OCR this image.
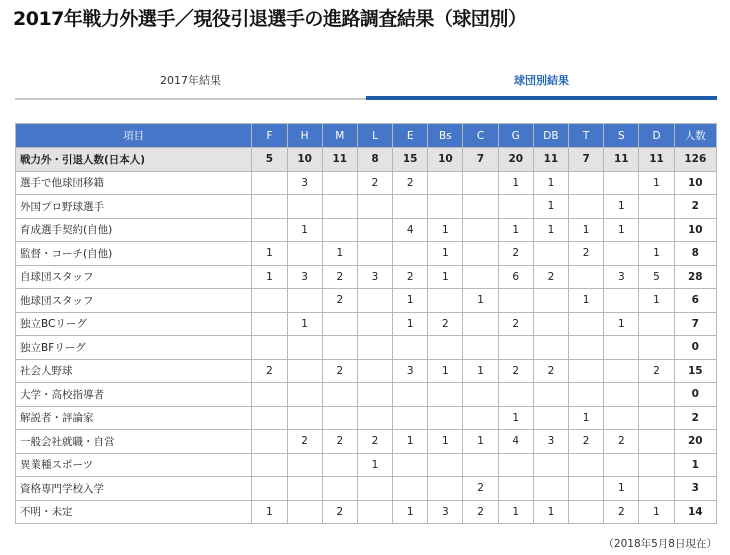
2017年戦力外選手／現役引退選手の進路調査結果（球団別）
2017年結果	球団別結果
項目	F	H	M	L	E	Bs	C	G	DB	T	S	D	人数
戦力外・引退人数(日本人)	5	10	11	8	15	10	7	20	11	7	11	11	126
選手で他球団移籍		3		2	2			1	1			1	10
外国プロ野球選手									1		1		2
育成選手契約(自他)		1			4	1		1	1	1	1		10
監督・コーチ(自他)	1		1			1		2		2		1	8
自球団スタッフ	1	3	2	3	2	1		6	2		3	5	28
他球団スタッフ			2		1		1			1		1	6
独立BCリーグ		1			1	2		2			1		7
独立BFリーグ													0
社会人野球	2		2		3	1	1	2	2			2	15
大学・高校指導者													0
解説者・評論家								1		1			2
一般会社就職・自営		2	2	2	1	1	1	4	3	2	2		20
異業種スポーツ				1									1
資格専門学校入学							2				1		3
不明・未定	1		2		1	3	2	1	1		2	1	14
（2018年5月8日現在）
